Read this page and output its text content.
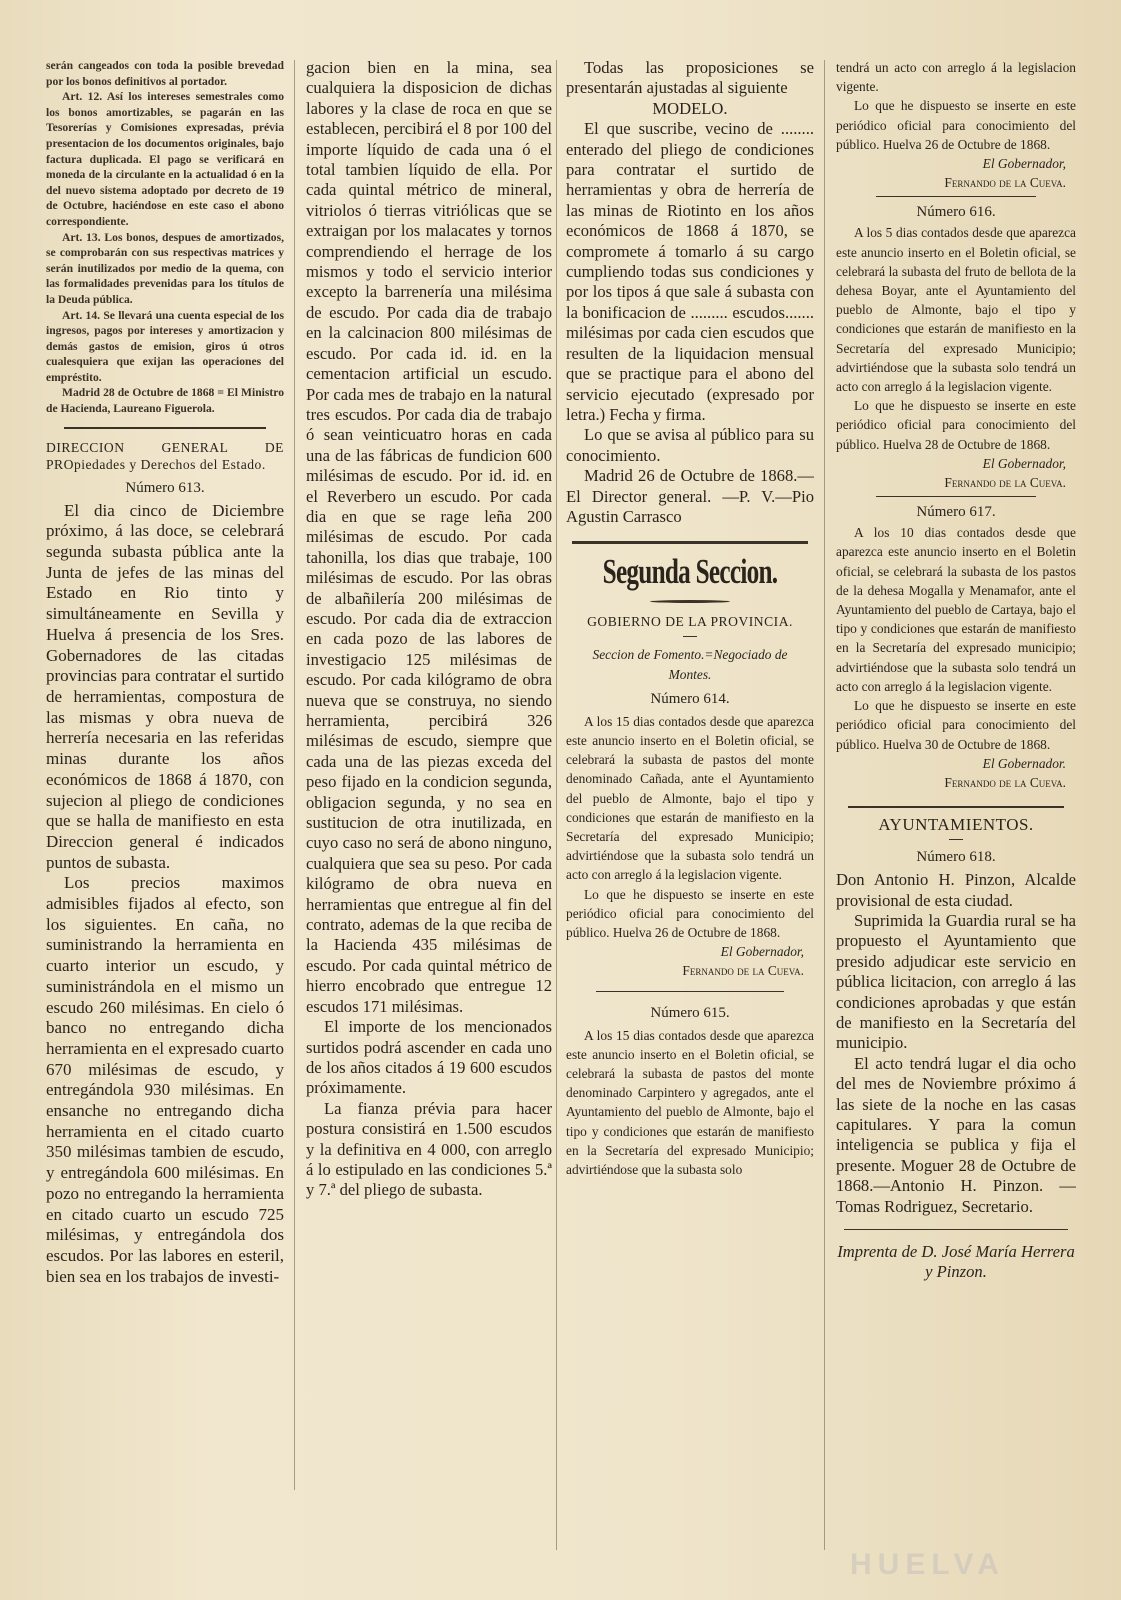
serán cangeados con toda la posible brevedad por los bonos definitivos al portador.

Art. 12. Así los intereses semestrales como los bonos amortizables, se pagarán en las Tesorerías y Comisiones expresadas, prévia presentacion de los documentos originales, bajo factura duplicada. El pago se verificará en moneda de la circulante en la actualidad ó en la del nuevo sistema adoptado por decreto de 19 de Octubre, haciéndose en este caso el abono correspondiente.

Art. 13. Los bonos, despues de amortizados, se comprobarán con sus respectivas matrices y serán inutilizados por medio de la quema, con las formalidades prevenidas para los títulos de la Deuda pública.

Art. 14. Se llevará una cuenta especial de los ingresos, pagos por intereses y amortizacion y demás gastos de emision, giros ú otros cualesquiera que exijan las operaciones del empréstito.

Madrid 28 de Octubre de 1868 = El Ministro de Hacienda, Laureano Figuerola.

DIRECCION GENERAL DE PROpiedades y Derechos del Estado.

Número 613.

El dia cinco de Diciembre próximo, á las doce, se celebrará segunda subasta pública ante la Junta de jefes de las minas del Estado en Rio tinto y simultáneamente en Sevilla y Huelva á presencia de los Sres. Gobernadores de las citadas provincias para contratar el surtido de herramientas, compostura de las mismas y obra nueva de herrería necesaria en las referidas minas durante los años económicos de 1868 á 1870, con sujecion al pliego de condiciones que se halla de manifiesto en esta Direccion general é indicados puntos de subasta.

Los precios maximos admisibles fijados al efecto, son los siguientes. En caña, no suministrando la herramienta en cuarto interior un escudo, y suministrándola en el mismo un escudo 260 milésimas. En cielo ó banco no entregando dicha herramienta en el expresado cuarto 670 milésimas de escudo, y entregándola 930 milésimas. En ensanche no entregando dicha herramienta en el citado cuarto 350 milésimas tambien de escudo, y entregándola 600 milésimas. En pozo no entregando la herramienta en citado cuarto un escudo 725 milésimas, y entregándola dos escudos. Por las labores en esteril, bien sea en los trabajos de investi-

gacion bien en la mina, sea cualquiera la disposicion de dichas labores y la clase de roca en que se establecen, percibirá el 8 por 100 del importe líquido de cada una ó el total tambien líquido de ella. Por cada quintal métrico de mineral, vitriolos ó tierras vitriólicas que se extraigan por los malacates y tornos comprendiendo el herrage de los mismos y todo el servicio interior excepto la barrenería una milésima de escudo. Por cada dia de trabajo en la calcinacion 800 milésimas de escudo. Por cada id. id. en la cementacion artificial un escudo. Por cada mes de trabajo en la natural tres escudos. Por cada dia de trabajo ó sean veinticuatro horas en cada una de las fábricas de fundicion 600 milésimas de escudo. Por id. id. en el Reverbero un escudo. Por cada dia en que se rage leña 200 milésimas de escudo. Por cada tahonilla, los dias que trabaje, 100 milésimas de escudo. Por las obras de albañilería 200 milésimas de escudo. Por cada dia de extraccion en cada pozo de las labores de investigacio 125 milésimas de escudo. Por cada kilógramo de obra nueva que se construya, no siendo herramienta, percibirá 326 milésimas de escudo, siempre que cada una de las piezas exceda del peso fijado en la condicion segunda, obligacion segunda, y no sea en sustitucion de otra inutilizada, en cuyo caso no será de abono ninguno, cualquiera que sea su peso. Por cada kilógramo de obra nueva en herramientas que entregue al fin del contrato, ademas de la que reciba de la Hacienda 435 milésimas de escudo. Por cada quintal métrico de hierro encobrado que entregue 12 escudos 171 milésimas.

El importe de los mencionados surtidos podrá ascender en cada uno de los años citados á 19 600 escudos próximamente.

La fianza prévia para hacer postura consistirá en 1.500 escudos y la definitiva en 4 000, con arreglo á lo estipulado en las condiciones 5.ª y 7.ª del pliego de subasta.

Todas las proposiciones se presentarán ajustadas al siguiente

MODELO.

El que suscribe, vecino de ........ enterado del pliego de condiciones para contratar el surtido de herramientas y obra de herrería de las minas de Riotinto en los años económicos de 1868 á 1870, se compromete á tomarlo á su cargo cumpliendo todas sus condiciones y por los tipos á que sale á subasta con la bonificacion de ......... escudos....... milésimas por cada cien escudos que resulten de la liquidacion mensual que se practique para el abono del servicio ejecutado (expresado por letra.) Fecha y firma.

Lo que se avisa al público para su conocimiento.

Madrid 26 de Octubre de 1868.—El Director general. —P. V.—Pio Agustin Carrasco

Segunda Seccion.

GOBIERNO DE LA PROVINCIA.

Seccion de Fomento.=Negociado de Montes.

Número 614.

A los 15 dias contados desde que aparezca este anuncio inserto en el Boletin oficial, se celebrará la subasta de pastos del monte denominado Cañada, ante el Ayuntamiento del pueblo de Almonte, bajo el tipo y condiciones que estarán de manifiesto en la Secretaría del expresado Municipio; advirtiéndose que la subasta solo tendrá un acto con arreglo á la legislacion vigente.

Lo que he dispuesto se inserte en este periódico oficial para conocimiento del público. Huelva 26 de Octubre de 1868.

El Gobernador,

Fernando de la Cueva.

Número 615.

A los 15 dias contados desde que aparezca este anuncio inserto en el Boletin oficial, se celebrará la subasta de pastos del monte denominado Carpintero y agregados, ante el Ayuntamiento del pueblo de Almonte, bajo el tipo y condiciones que estarán de manifiesto en la Secretaría del expresado Municipio; advirtiéndose que la subasta solo

tendrá un acto con arreglo á la legislacion vigente.

Lo que he dispuesto se inserte en este periódico oficial para conocimiento del público. Huelva 26 de Octubre de 1868.

El Gobernador,

Fernando de la Cueva.

Número 616.

A los 5 dias contados desde que aparezca este anuncio inserto en el Boletin oficial, se celebrará la subasta del fruto de bellota de la dehesa Boyar, ante el Ayuntamiento del pueblo de Almonte, bajo el tipo y condiciones que estarán de manifiesto en la Secretaría del expresado Municipio; advirtiéndose que la subasta solo tendrá un acto con arreglo á la legislacion vigente.

Lo que he dispuesto se inserte en este periódico oficial para conocimiento del público. Huelva 28 de Octubre de 1868.

El Gobernador,

Fernando de la Cueva.

Número 617.

A los 10 dias contados desde que aparezca este anuncio inserto en el Boletin oficial, se celebrará la subasta de los pastos de la dehesa Mogalla y Menamafor, ante el Ayuntamiento del pueblo de Cartaya, bajo el tipo y condiciones que estarán de manifiesto en la Secretaría del expresado municipio; advirtiéndose que la subasta solo tendrá un acto con arreglo á la legislacion vigente.

Lo que he dispuesto se inserte en este periódico oficial para conocimiento del público. Huelva 30 de Octubre de 1868.

El Gobernador.

Fernando de la Cueva.

AYUNTAMIENTOS.

Número 618.

Don Antonio H. Pinzon, Alcalde provisional de esta ciudad.

Suprimida la Guardia rural se ha propuesto el Ayuntamiento que presido adjudicar este servicio en pública licitacion, con arreglo á las condiciones aprobadas y que están de manifiesto en la Secretaría del municipio.

El acto tendrá lugar el dia ocho del mes de Noviembre próximo á las siete de la noche en las casas capitulares. Y para la comun inteligencia se publica y fija el presente. Moguer 28 de Octubre de 1868.—Antonio H. Pinzon. —Tomas Rodriguez, Secretario.

Imprenta de D. José María Herrera y Pinzon.

HUELVA
